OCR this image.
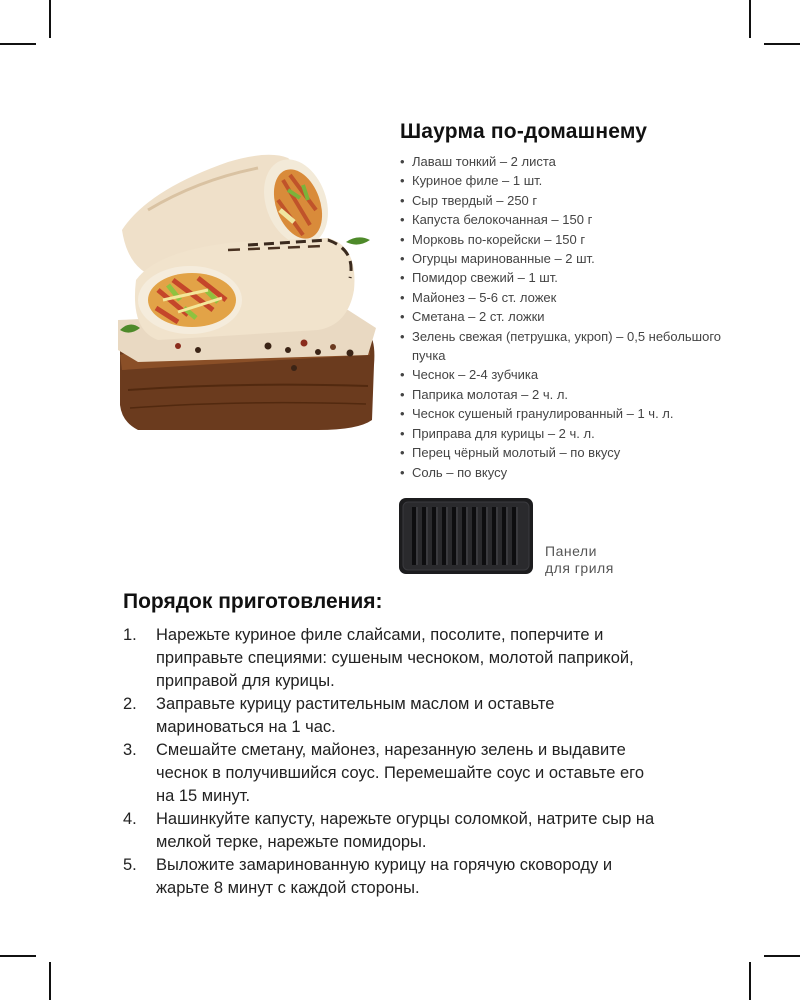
Шаурма по-домашнему
• Лаваш тонкий – 2 листа
• Куриное филе – 1 шт.
• Сыр твердый – 250 г
• Капуста белокочанная – 150 г
• Морковь по-корейски – 150 г
• Огурцы маринованные – 2 шт.
• Помидор свежий – 1 шт.
• Майонез – 5-6 ст. ложек
• Сметана – 2 ст. ложки
• Зелень свежая (петрушка, укроп) – 0,5 небольшого пучка
• Чеснок – 2-4 зубчика
• Паприка молотая – 2 ч. л.
• Чеснок сушеный гранулированный – 1 ч. л.
• Приправа для курицы – 2 ч. л.
• Перец чёрный молотый – по вкусу
• Соль – по вкусу
Панели
для гриля
Порядок приготовления:
1. Нарежьте куриное филе слайсами, посолите, поперчите и приправьте специями: сушеным чесноком, молотой паприкой, приправой для курицы.
2. Заправьте курицу растительным маслом и оставьте мариноваться на 1 час.
3. Смешайте сметану, майонез, нарезанную зелень и выдавите чеснок в получившийся соус. Перемешайте соус и оставьте его на 15 минут.
4. Нашинкуйте капусту, нарежьте огурцы соломкой, натрите сыр на мелкой терке, нарежьте помидоры.
5. Выложите замаринованную курицу на горячую сковороду и жарьте 8 минут с каждой стороны.
